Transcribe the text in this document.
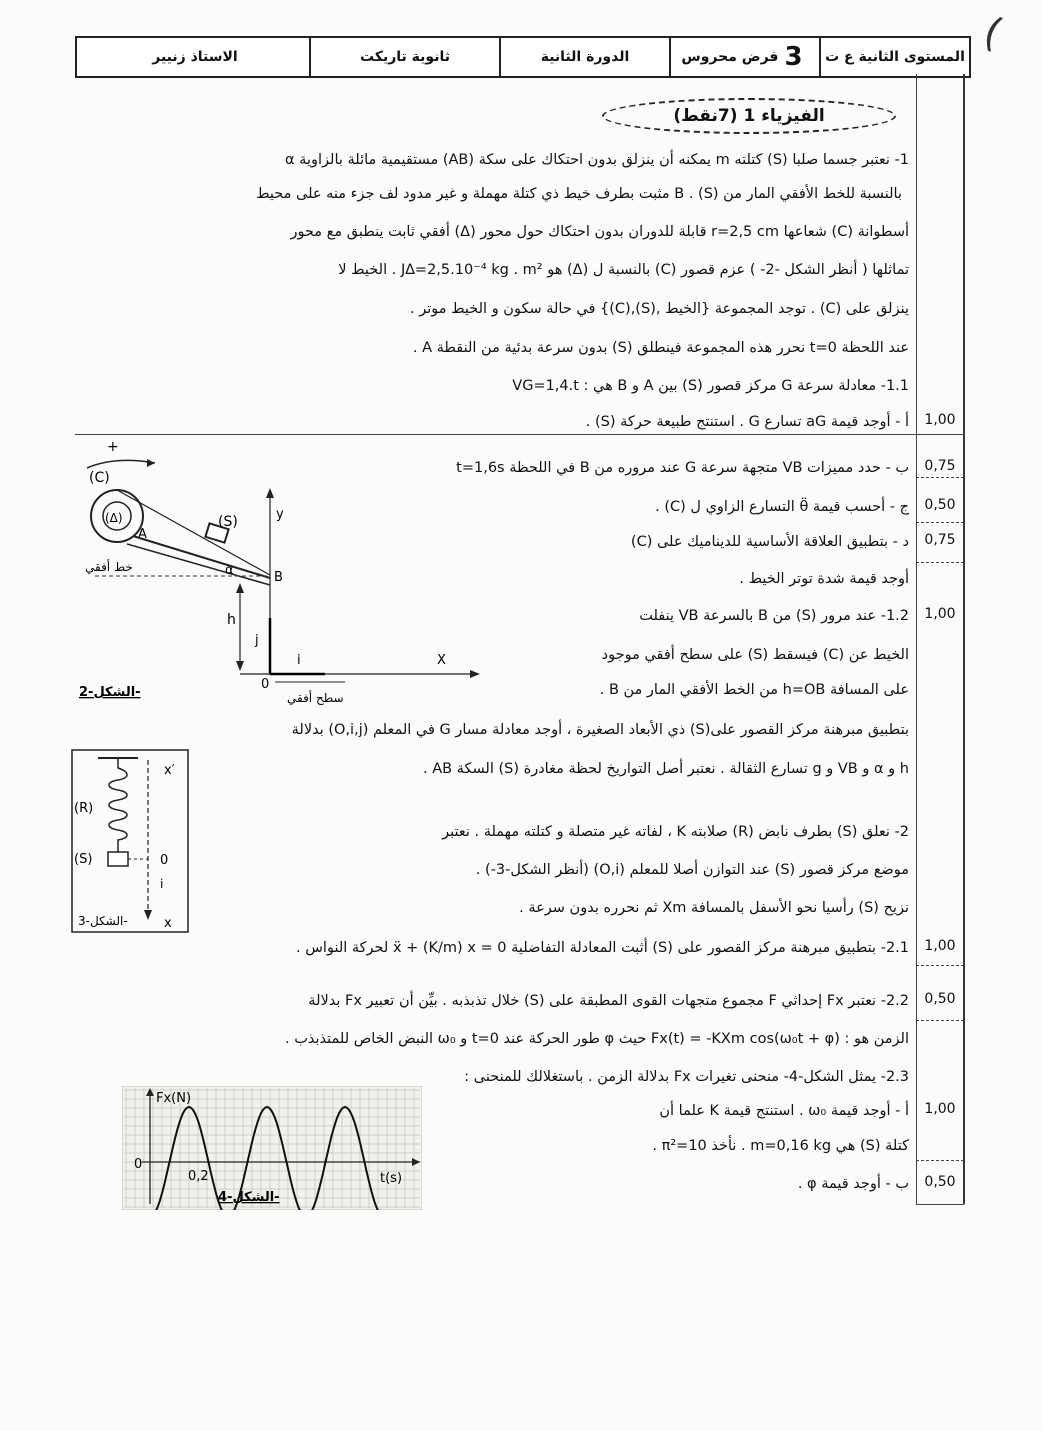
(
المستوى الثانية ع ت
فرض محروس 3
الدورة الثانية
ثانوية تاريكت
الاستاذ زنيير
الفيزياء 1 (7نقط)
1- نعتبر جسما صلبا (S) كتلته m يمكنه أن ينزلق بدون احتكاك على سكة (AB) مستقيمية مائلة بالزاوية α
بالنسبة للخط الأفقي المار من B . (S) مثبت بطرف خيط ذي كتلة مهملة و غير مدود لف جزء منه على محيط
أسطوانة (C) شعاعها r=2,5 cm قابلة للدوران بدون احتكاك حول محور (Δ) أفقي ثابت ينطبق مع محور
تماثلها ( أنظر الشكل -2- ) عزم قصور (C) بالنسبة ل (Δ) هو J∆=2,5.10⁻⁴ kg . m² . الخيط لا
ينزلق على (C) . توجد المجموعة {الخيط ,(S),(C)} في حالة سكون و الخيط موتر .
عند اللحظة t=0 نحرر هذه المجموعة فينطلق (S) بدون سرعة بدئية من النقطة A .
1.1- معادلة سرعة G مركز قصور (S) بين A و B هي : VG=1,4.t
أ - أوجد قيمة aG تسارع G . استنتج طبيعة حركة (S) .
ب - حدد مميزات VB متجهة سرعة G عند مروره من B في اللحظة t=1,6s
ج - أحسب قيمة θ̈ التسارع الزاوي ل (C) .
د - بتطبيق العلاقة الأساسية للديناميك على (C)
أوجد قيمة شدة توتر الخيط .
1.2- عند مرور (S) من B بالسرعة VB ينفلت
الخيط عن (C) فيسقط (S) على سطح أفقي موجود
على المسافة h=OB من الخط الأفقي المار من B .
بتطبيق مبرهنة مركز القصور على(S) ذي الأبعاد الصغيرة ، أوجد معادلة مسار G في المعلم (O,i,j) بدلالة
h و α و VB و g تسارع الثقالة . نعتبر أصل التواريخ لحظة مغادرة (S) السكة AB .
2- نعلق (S) بطرف نابض (R) صلابته K ، لفاته غير متصلة و كتلته مهملة . نعتبر
موضع مركز قصور (S) عند التوازن أصلا للمعلم (O,i) (أنظر الشكل-3-) .
نزيح (S) رأسيا نحو الأسفل بالمسافة Xm ثم نحرره بدون سرعة .
2.1- بتطبيق مبرهنة مركز القصور على (S) أثبت المعادلة التفاضلية ẍ + (K/m) x = 0 لحركة النواس .
2.2- نعتبر Fx إحداثي F مجموع متجهات القوى المطبقة على (S) خلال تذبذبه . بيِّن أن تعبير Fx بدلالة
الزمن هو : Fx(t) = -KXm cos(ω₀t + φ) حيث φ طور الحركة عند t=0 و ω₀ النبض الخاص للمتذبذب .
2.3- يمثل الشكل-4- منحنى تغيرات Fx بدلالة الزمن . باستغلالك للمنحنى :
أ - أوجد قيمة ω₀ . استنتج قيمة K علما أن
كتلة (S) هي m=0,16 kg . نأخذ π²=10 .
ب - أوجد قيمة φ .
1,00
0,75
0,50
0,75
1,00
1,00
0,50
1,00
0,50
+
(C)
(Δ)
A
(S)
خط أفقي	α	B
y
X
h
j
i
0
سطح أفقي
الشكل-2-
(R)
(S)
x′
0
i
x
الشكل-3-
Fx(N)
t(s)
0
0,2
الشكل-4-
